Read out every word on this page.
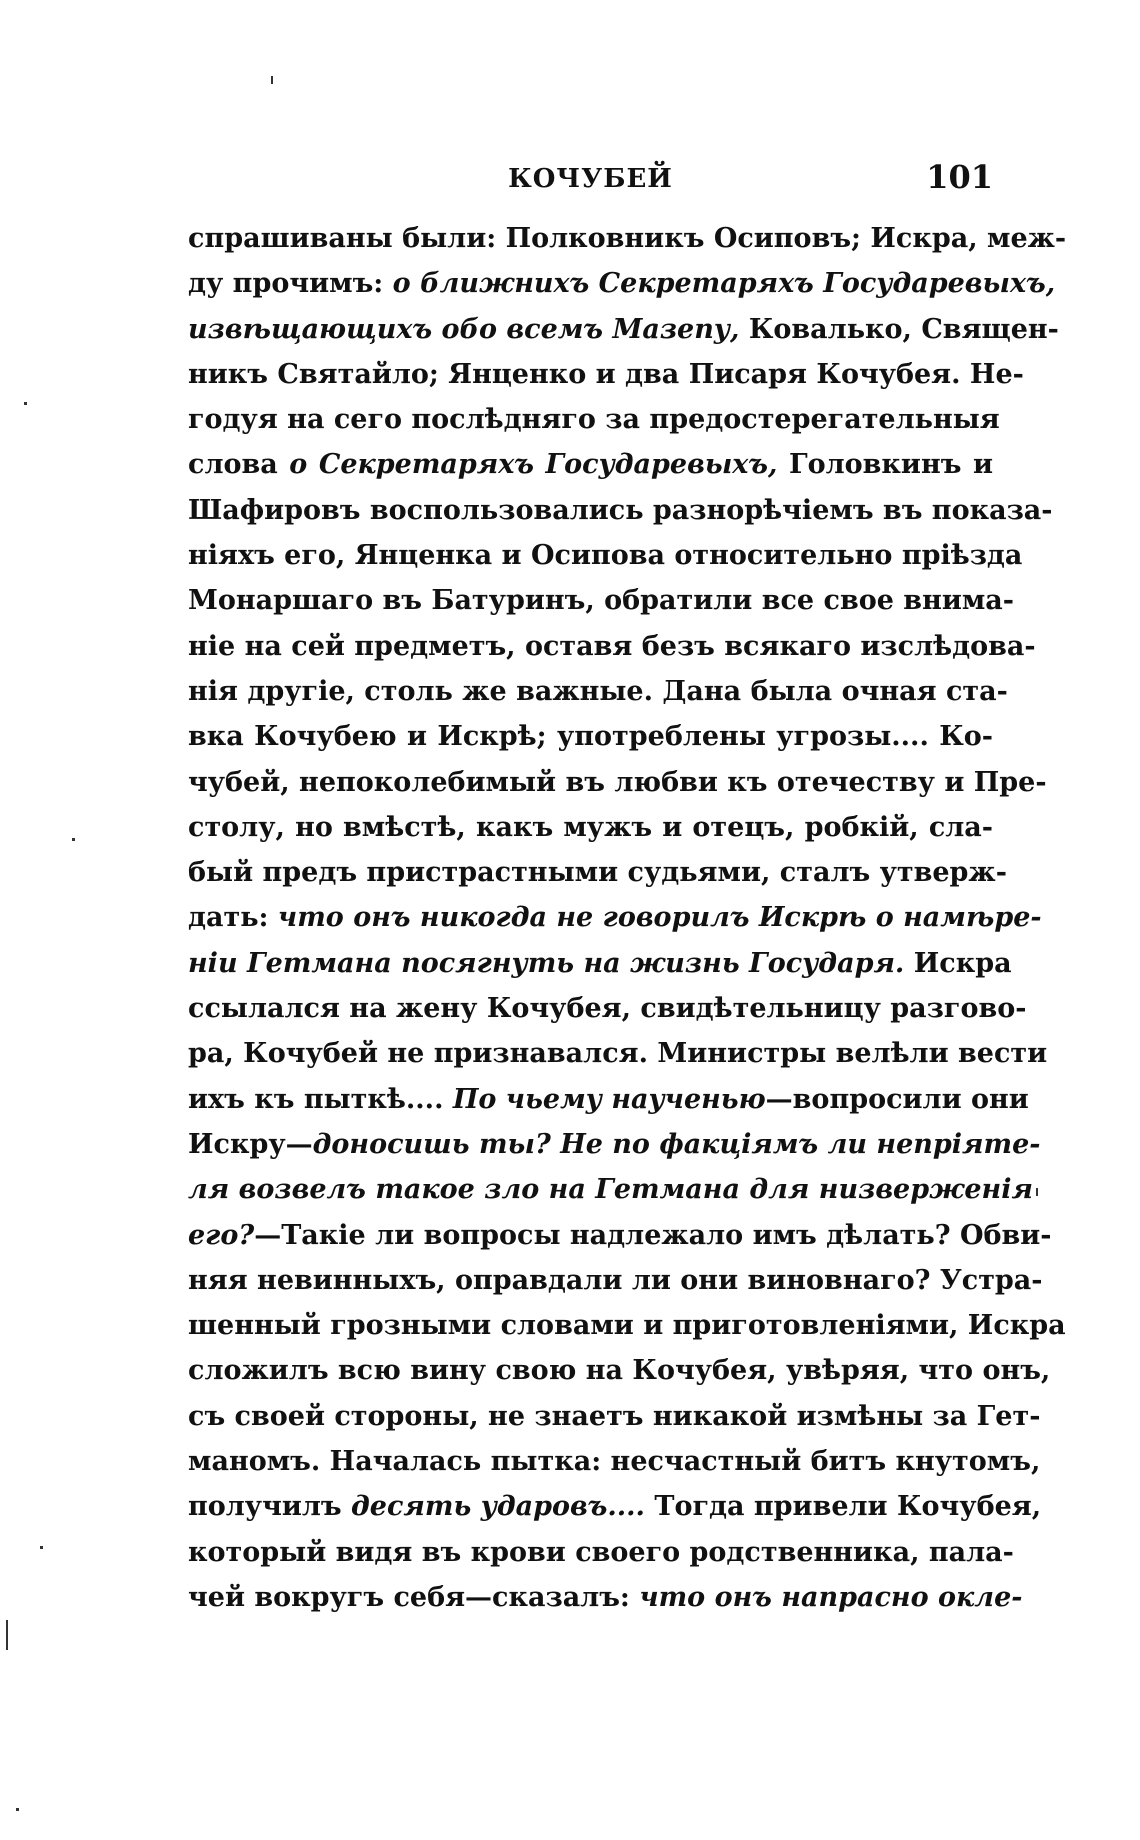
КОЧУБЕЙ	101
спрашиваны были: Полковникъ Осиповъ; Искра, меж-
ду прочимъ: о ближнихъ Секретаряхъ Государевыхъ,
извѣщающихъ обо всемъ Мазепу, Ковалько, Священ-
никъ Святайло; Янценко и два Писаря Кочубея. Не-
годуя на сего послѣдняго за предостерегательныя
слова о Секретаряхъ Государевыхъ, Головкинъ и
Шафировъ воспользовались разнорѣчіемъ въ показа-
ніяхъ его, Янценка и Осипова относительно пріѣзда
Монаршаго въ Батуринъ, обратили все свое внима-
ніе на сей предметъ, оставя безъ всякаго изслѣдова-
нія другіе, столь же важные. Дана была очная ста-
вка Кочубею и Искрѣ; употреблены угрозы.... Ко-
чубей, непоколебимый въ любви къ отечеству и Пре-
столу, но вмѣстѣ, какъ мужъ и отецъ, робкій, сла-
бый предъ пристрастными судьями, сталъ утверж-
дать: что онъ никогда не говорилъ Искрѣ о намѣре-
ніи Гетмана посягнуть на жизнь Государя. Искра
ссылался на жену Кочубея, свидѣтельницу разгово-
ра, Кочубей не признавался. Министры велѣли вести
ихъ къ пыткѣ.... По чьему наученью—вопросили они
Искру—доносишь ты? Не по факціямъ ли непріяте-
ля возвелъ такое зло на Гетмана для низверженія
его?—Такіе ли вопросы надлежало имъ дѣлать? Обви-
няя невинныхъ, оправдали ли они виновнаго? Устра-
шенный грозными словами и приготовленіями, Искра
сложилъ всю вину свою на Кочубея, увѣряя, что онъ,
съ своей стороны, не знаетъ никакой измѣны за Гет-
маномъ. Началась пытка: несчастный битъ кнутомъ,
получилъ десять ударовъ.... Тогда привели Кочубея,
который видя въ крови своего родственника, пала-
чей вокругъ себя—сказалъ: что онъ напрасно окле-
